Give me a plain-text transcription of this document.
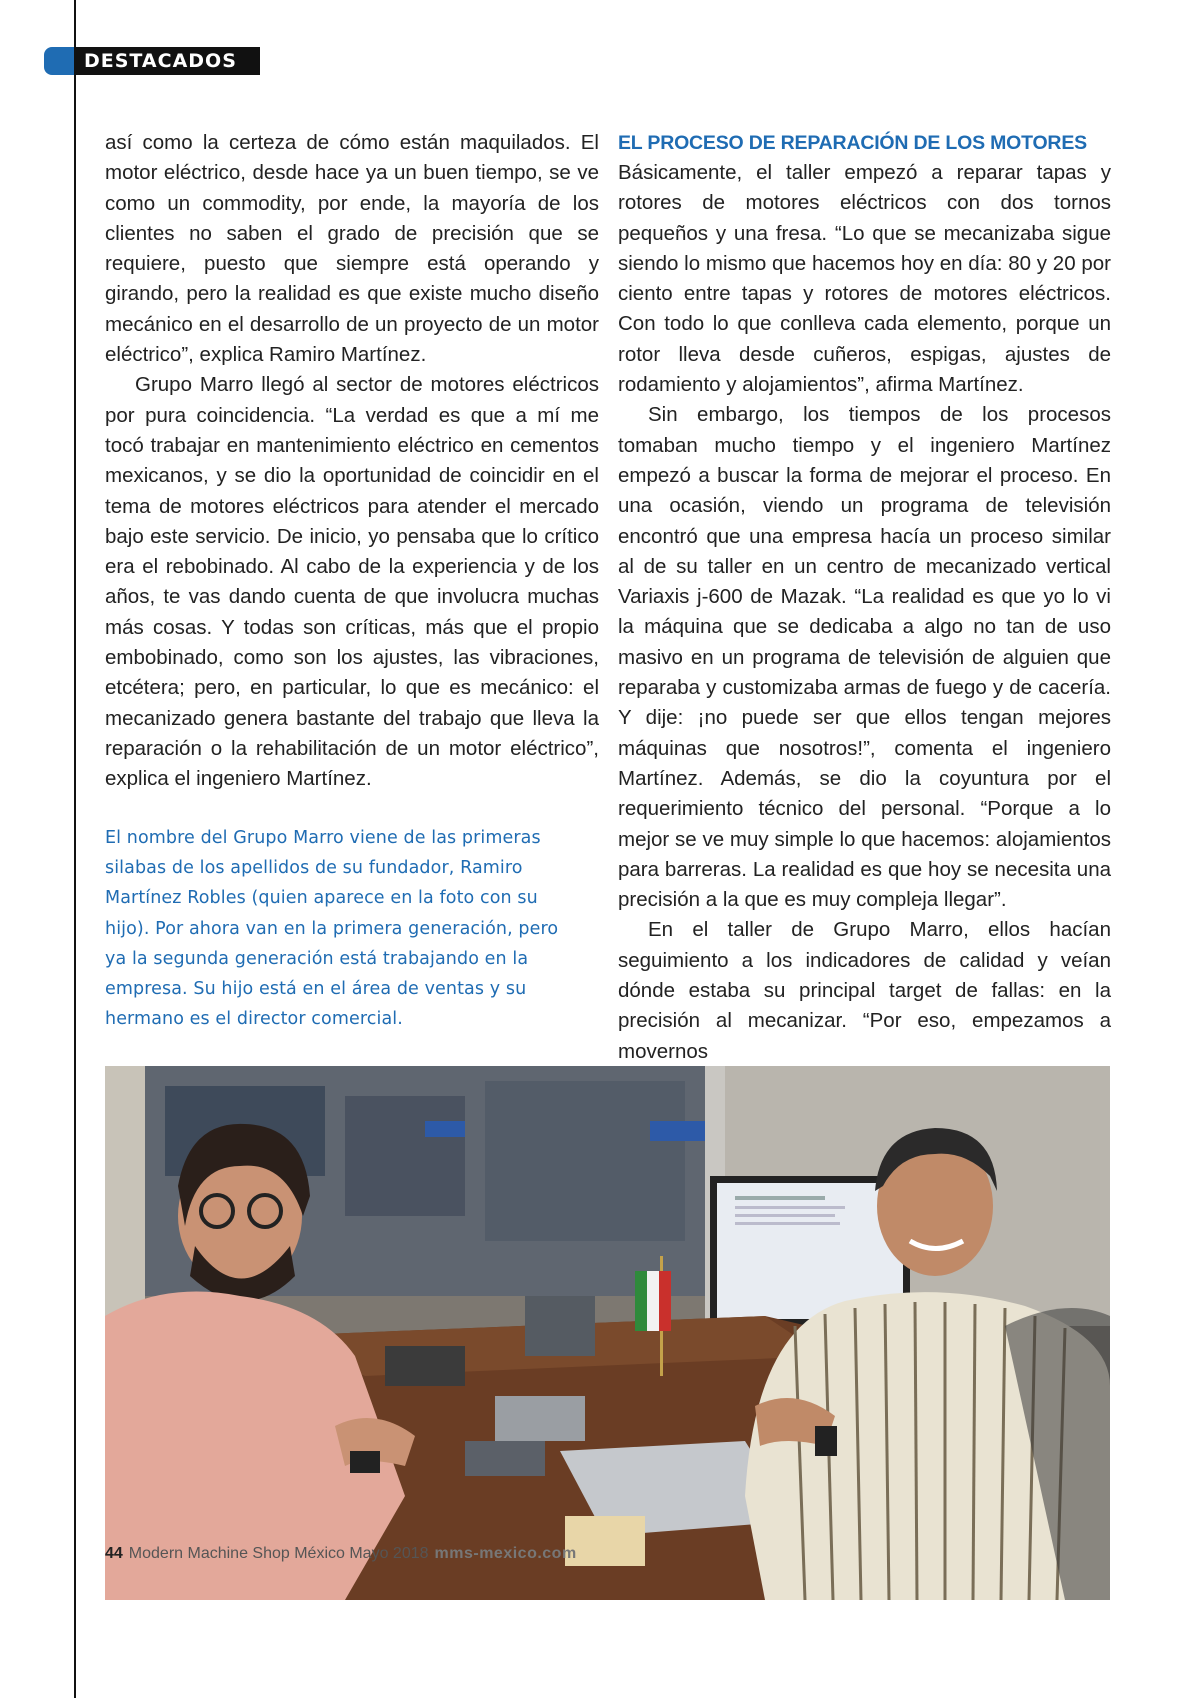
DESTACADOS

así como la certeza de cómo están maquilados. El motor eléctrico, desde hace ya un buen tiempo, se ve como un commodity, por ende, la mayoría de los clientes no saben el grado de precisión que se requiere, puesto que siempre está operando y girando, pero la realidad es que existe mucho diseño mecánico en el desarrollo de un proyecto de un motor eléctrico”, explica Ramiro Martínez.

Grupo Marro llegó al sector de motores eléctricos por pura coincidencia. “La verdad es que a mí me tocó trabajar en mantenimiento eléctrico en cementos mexicanos, y se dio la oportunidad de coincidir en el tema de motores eléctricos para atender el mercado bajo este servicio. De inicio, yo pensaba que lo crítico era el rebobinado. Al cabo de la experiencia y de los años, te vas dando cuenta de que involucra muchas más cosas. Y todas son críticas, más que el propio embobinado, como son los ajustes, las vibraciones, etcétera; pero, en particular, lo que es mecánico: el mecanizado genera bastante del trabajo que lleva la reparación o la rehabilitación de un motor eléctrico”, explica el ingeniero Martínez.

El nombre del Grupo Marro viene de las primeras silabas de los apellidos de su fundador, Ramiro Martínez Robles (quien aparece en la foto con su hijo). Por ahora van en la primera generación, pero ya la segunda generación está trabajando en la empresa. Su hijo está en el área de ventas y su hermano es el director comercial.
EL PROCESO DE REPARACIÓN DE LOS MOTORES

Básicamente, el taller empezó a reparar tapas y rotores de motores eléctricos con dos tornos pequeños y una fresa. “Lo que se mecanizaba sigue siendo lo mismo que hacemos hoy en día: 80 y 20 por ciento entre tapas y rotores de motores eléctricos. Con todo lo que conlleva cada elemento, porque un rotor lleva desde cuñeros, espigas, ajustes de rodamiento y alojamientos”, afirma Martínez.

Sin embargo, los tiempos de los procesos tomaban mucho tiempo y el ingeniero Martínez empezó a buscar la forma de mejorar el proceso. En una ocasión, viendo un programa de televisión encontró que una empresa hacía un proceso similar al de su taller en un centro de mecanizado vertical Variaxis j-600 de Mazak. “La realidad es que yo lo vi la máquina que se dedicaba a algo no tan de uso masivo en un programa de televisión de alguien que reparaba y customizaba armas de fuego y de cacería. Y dije: ¡no puede ser que ellos tengan mejores máquinas que nosotros!”, comenta el ingeniero Martínez. Además, se dio la coyuntura por el requerimiento técnico del personal. “Porque a lo mejor se ve muy simple lo que hacemos: alojamientos para barreras. La realidad es que hoy se necesita una precisión a la que es muy compleja llegar”.

En el taller de Grupo Marro, ellos hacían seguimiento a los indicadores de calidad y veían dónde estaba su principal target de fallas: en la precisión al mecanizar. “Por eso, empezamos a movernos

44 Modern Machine Shop México Mayo 2018 mms-mexico.com
